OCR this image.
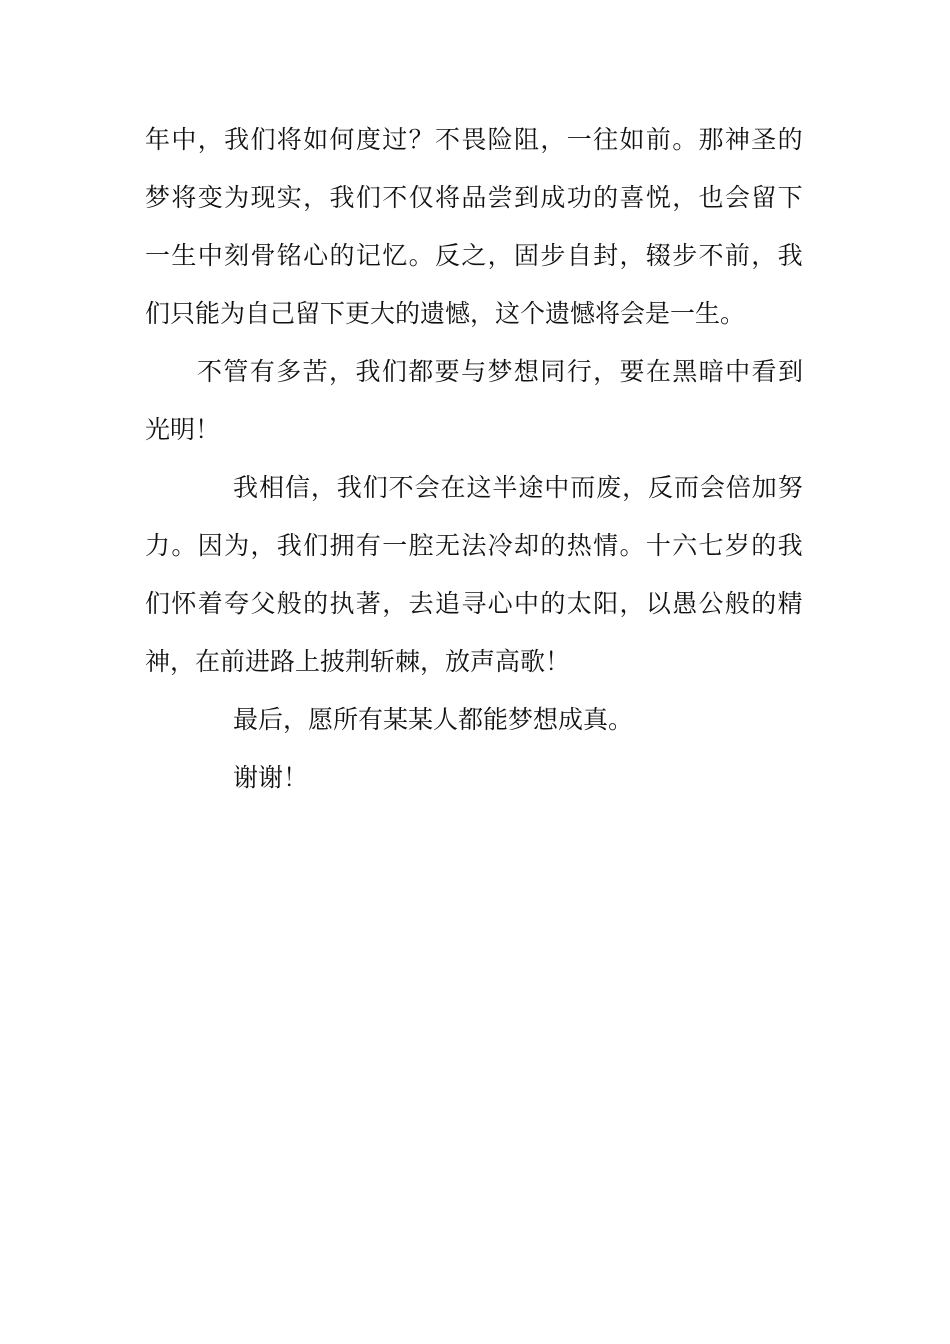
年 中 ， 我 们 将 如 何 度 过 ？ 不 畏 险 阻 ， 一 往 如 前 。 那 神 圣 的
梦 将 变 为 现 实 ， 我 们 不 仅 将 品 尝 到 成 功 的 喜 悦 ， 也 会 留 下
一 生 中 刻 骨 铭 心 的 记 忆 。 反 之 ， 固 步 自 封 ， 辍 步 不 前 ， 我
们只能为自己留下更大的遗憾，这个遗憾将会是一生。
不 管 有 多 苦 ， 我 们 都 要 与 梦 想 同 行 ， 要 在 黑 暗 中 看 到
光明！
我 相 信 ， 我 们 不 会 在 这 半 途 中 而 废 ， 反 而 会 倍 加 努
力 。 因 为 ， 我 们 拥 有 一 腔 无 法 冷 却 的 热 情 。 十 六 七 岁 的 我
们 怀 着 夸 父 般 的 执 著 ， 去 追 寻 心 中 的 太 阳 ， 以 愚 公 般 的 精
神，在前进路上披荆斩棘，放声高歌！
最后，愿所有某某人都能梦想成真。
谢谢！
